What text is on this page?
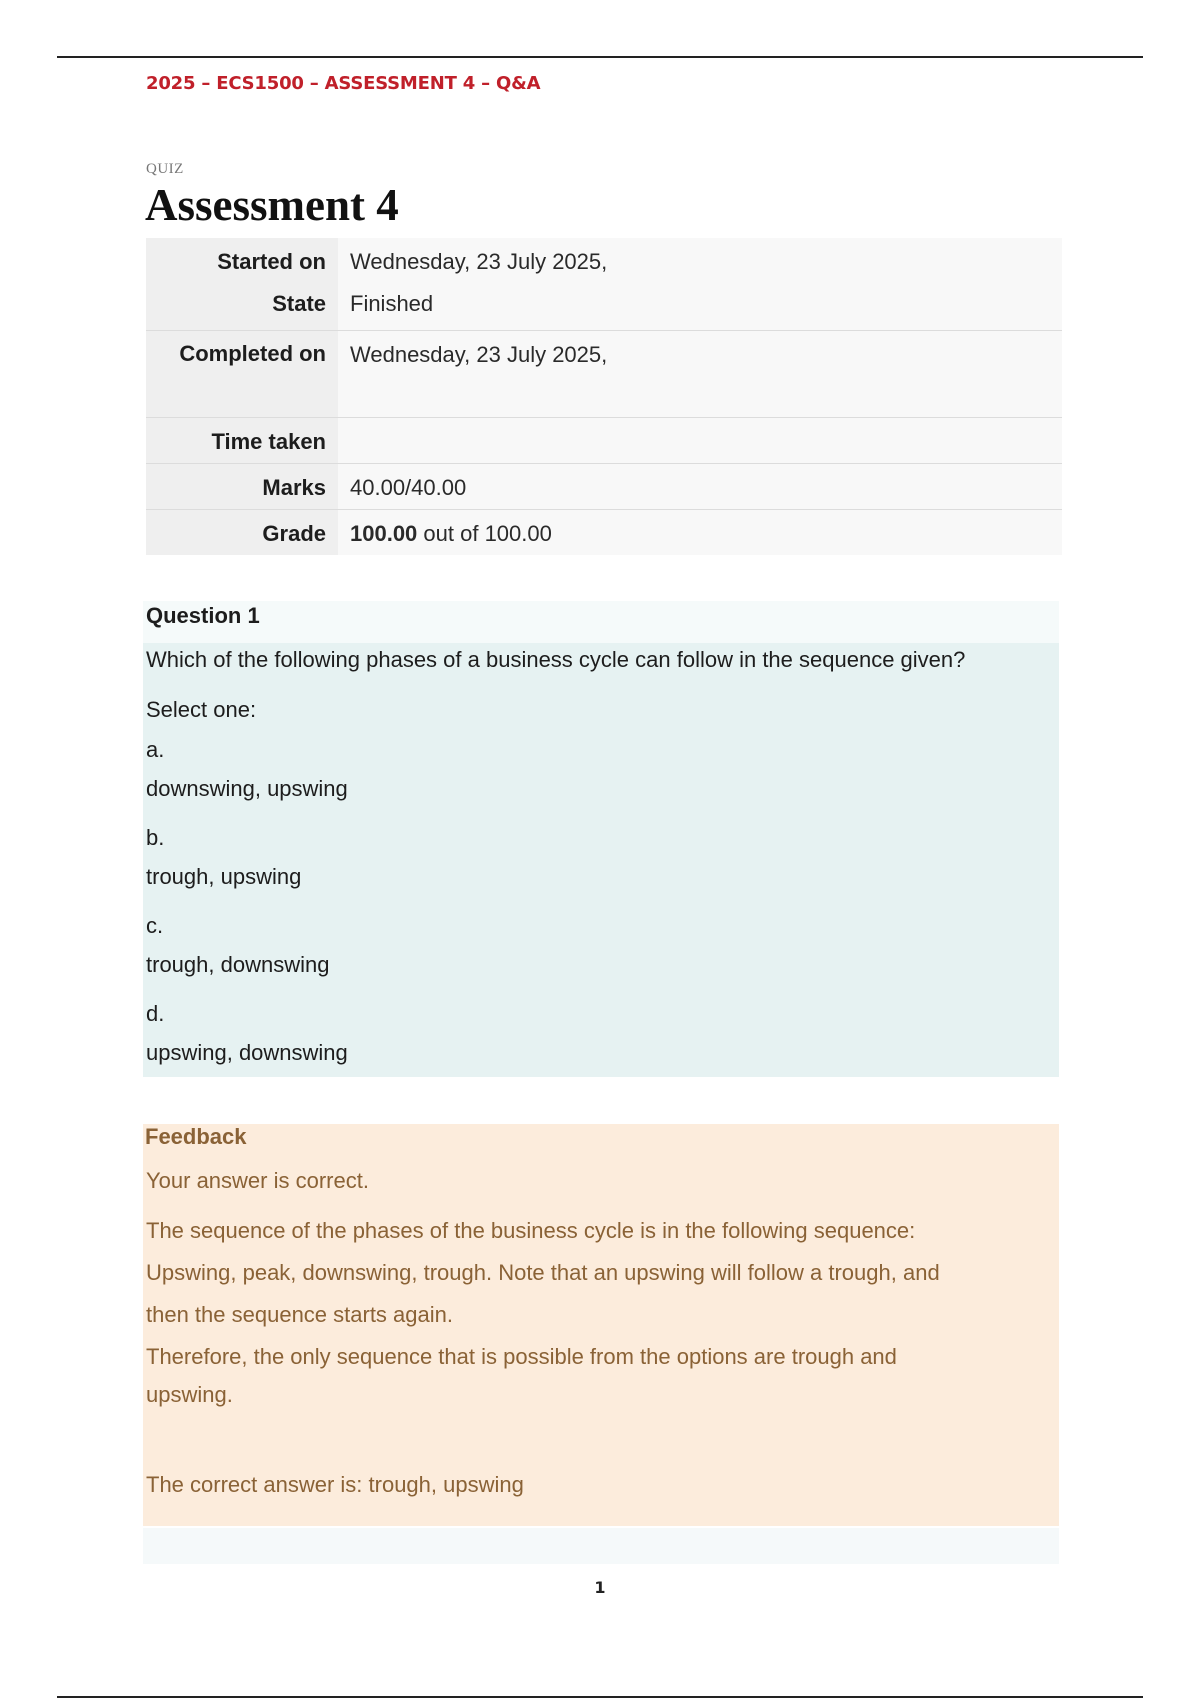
2025 – ECS1500 – ASSESSMENT 4 – Q&A
QUIZ
Assessment 4
Started on	Wednesday, 23 July 2025,

State	Finished

Completed on	Wednesday, 23 July 2025,

Time taken	

Marks	40.00/40.00

Grade	100.00 out of 100.00
Question 1
Which of the following phases of a business cycle can follow in the sequence given?
Select one:
a.
downswing, upswing
b.
trough, upswing
c.
trough, downswing
d.
upswing, downswing
Feedback
Your answer is correct.
The sequence of the phases of the business cycle is in the following sequence:
Upswing, peak, downswing, trough. Note that an upswing will follow a trough, and
then the sequence starts again.
Therefore, the only sequence that is possible from the options are trough and
upswing.
The correct answer is: trough, upswing
1
